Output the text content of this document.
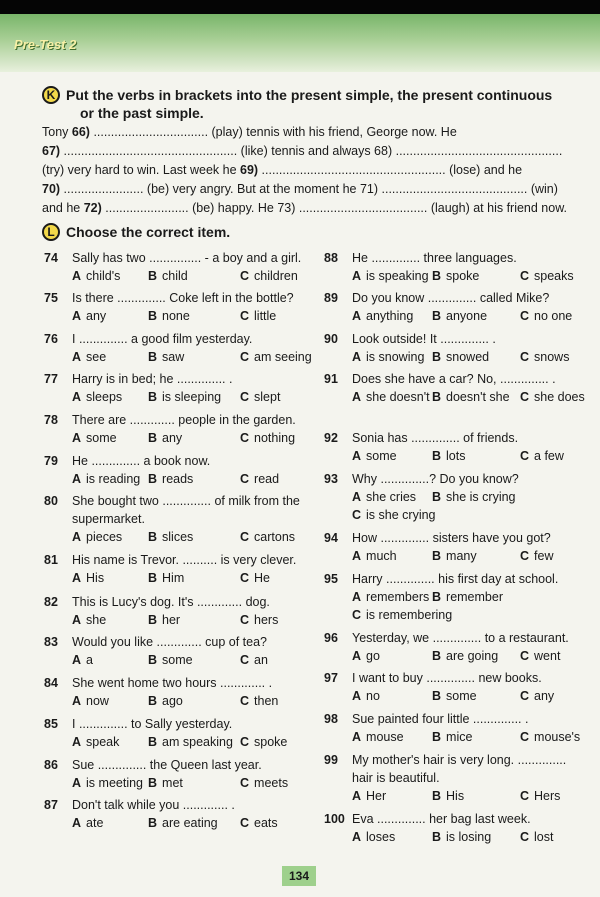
Pre-Test 2
K Put the verbs in brackets into the present simple, the present continuous
or the past simple.
Tony 66) ................................. (play) tennis with his friend, George now. He
67) .................................................. (like) tennis and always 68) ................................................
(try) very hard to win. Last week he 69) ..................................................... (lose) and he
70) ....................... (be) very angry. But at the moment he 71) .......................................... (win)
and he 72) ........................ (be) happy. He 73) ..................................... (laugh) at his friend now.
L Choose the correct item.
74	Sally has two ............... - a boy and a girl.
A child's B child	C children
75	Is there .............. Coke left in the bottle?
A any	B none	C little
76	I .............. a good film yesterday.
A see	B saw	C am seeing
77	Harry is in bed; he .............. .
A sleeps B is sleeping C slept
78	There are ............. people in the garden.
A some	B any	C nothing
79	He .............. a book now.
A is reading B reads	C read
80	She bought two .............. of milk from the
supermarket.
A pieces B slices	C cartons
81	His name is Trevor. .......... is very clever.
A His	B Him	C He
82	This is Lucy's dog. It's ............. dog.
A she	B her	C hers
83	Would you like ............. cup of tea?
A a	B some	C an
84	She went home two hours ............. .
A now	B ago	C then
85	I .............. to Sally yesterday.
A speak B am speaking C spoke
86	Sue .............. the Queen last year.
A is meeting B met	C meets
87	Don't talk while you ............. .
A ate	B are eating C eats
88	He .............. three languages.
A is speaking B spoke	C speaks
89	Do you know .............. called Mike?
A anything B anyone	C no one
90	Look outside! It .............. .
A is snowing B snowed C snows
91	Does she have a car? No, .............. .
A she doesn't B doesn't she C she does
92	Sonia has .............. of friends.
A some	B lots	C a few
93	Why ..............? Do you know?
A she cries B she is crying
C is she crying
94	How .............. sisters have you got?
A much	B many	C few
95	Harry .............. his first day at school.
A remembers B remember
C is remembering
96	Yesterday, we .............. to a restaurant.
A go	B are going C went
97	I want to buy .............. new books.
A no	B some	C any
98	Sue painted four little .............. .
A mouse B mice	C mouse's
99	My mother's hair is very long. ..............
hair is beautiful.
A Her	B His	C Hers
100 Eva .............. her bag last week.
A loses	B is losing C lost
134
